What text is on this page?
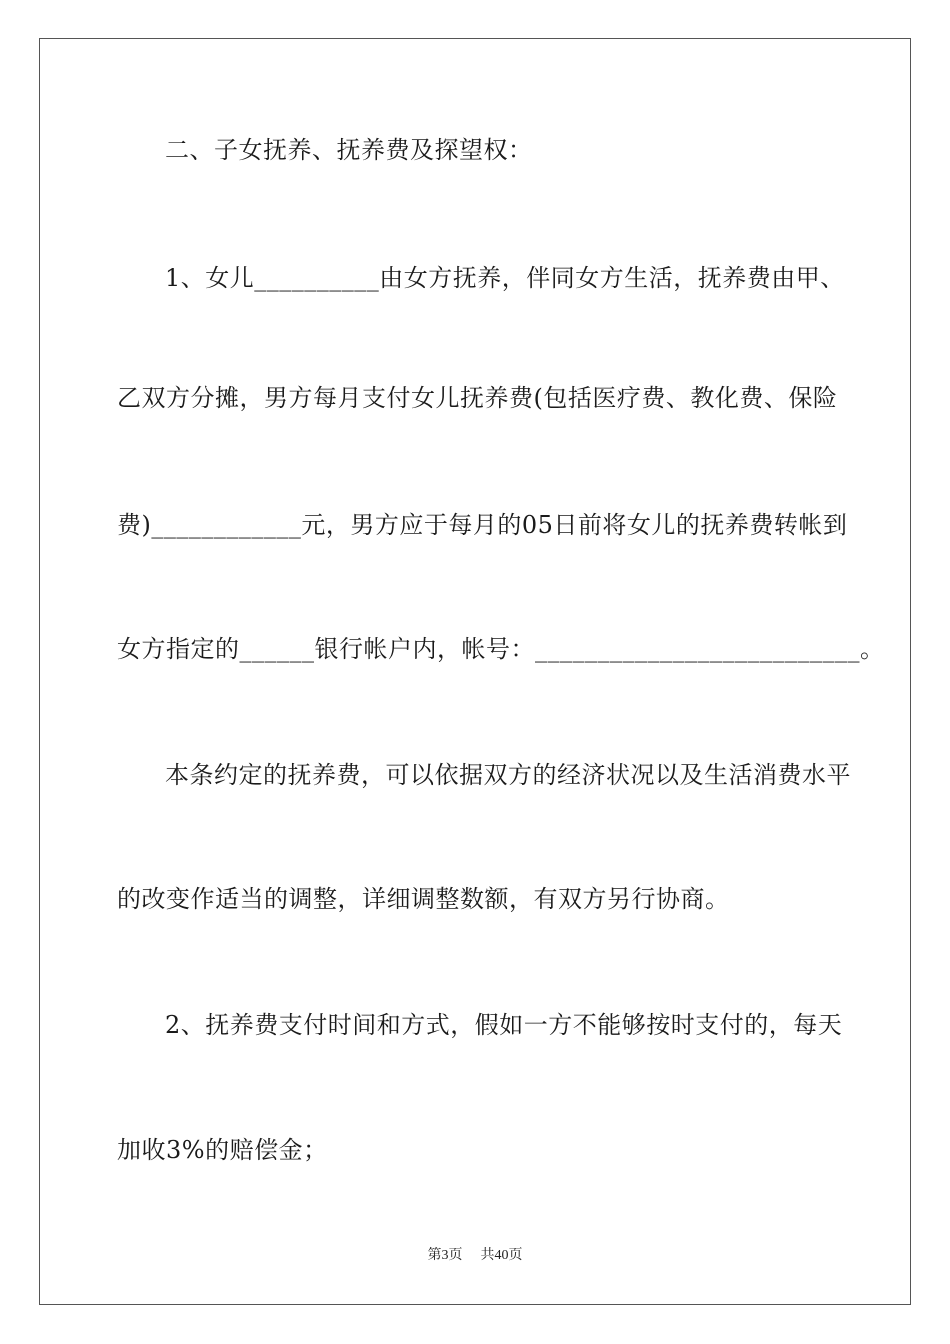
二、子女抚养、抚养费及探望权：
1、女儿__________由女方抚养，伴同女方生活，抚养费由甲、
乙双方分摊，男方每月支付女儿抚养费(包括医疗费、教化费、保险
费)____________元，男方应于每月的05日前将女儿的抚养费转帐到
女方指定的______银行帐户内，帐号：__________________________。
本条约定的抚养费，可以依据双方的经济状况以及生活消费水平
的改变作适当的调整，详细调整数额，有双方另行协商。
2、抚养费支付时间和方式，假如一方不能够按时支付的，每天
加收3%的赔偿金；
第3页 共40页
